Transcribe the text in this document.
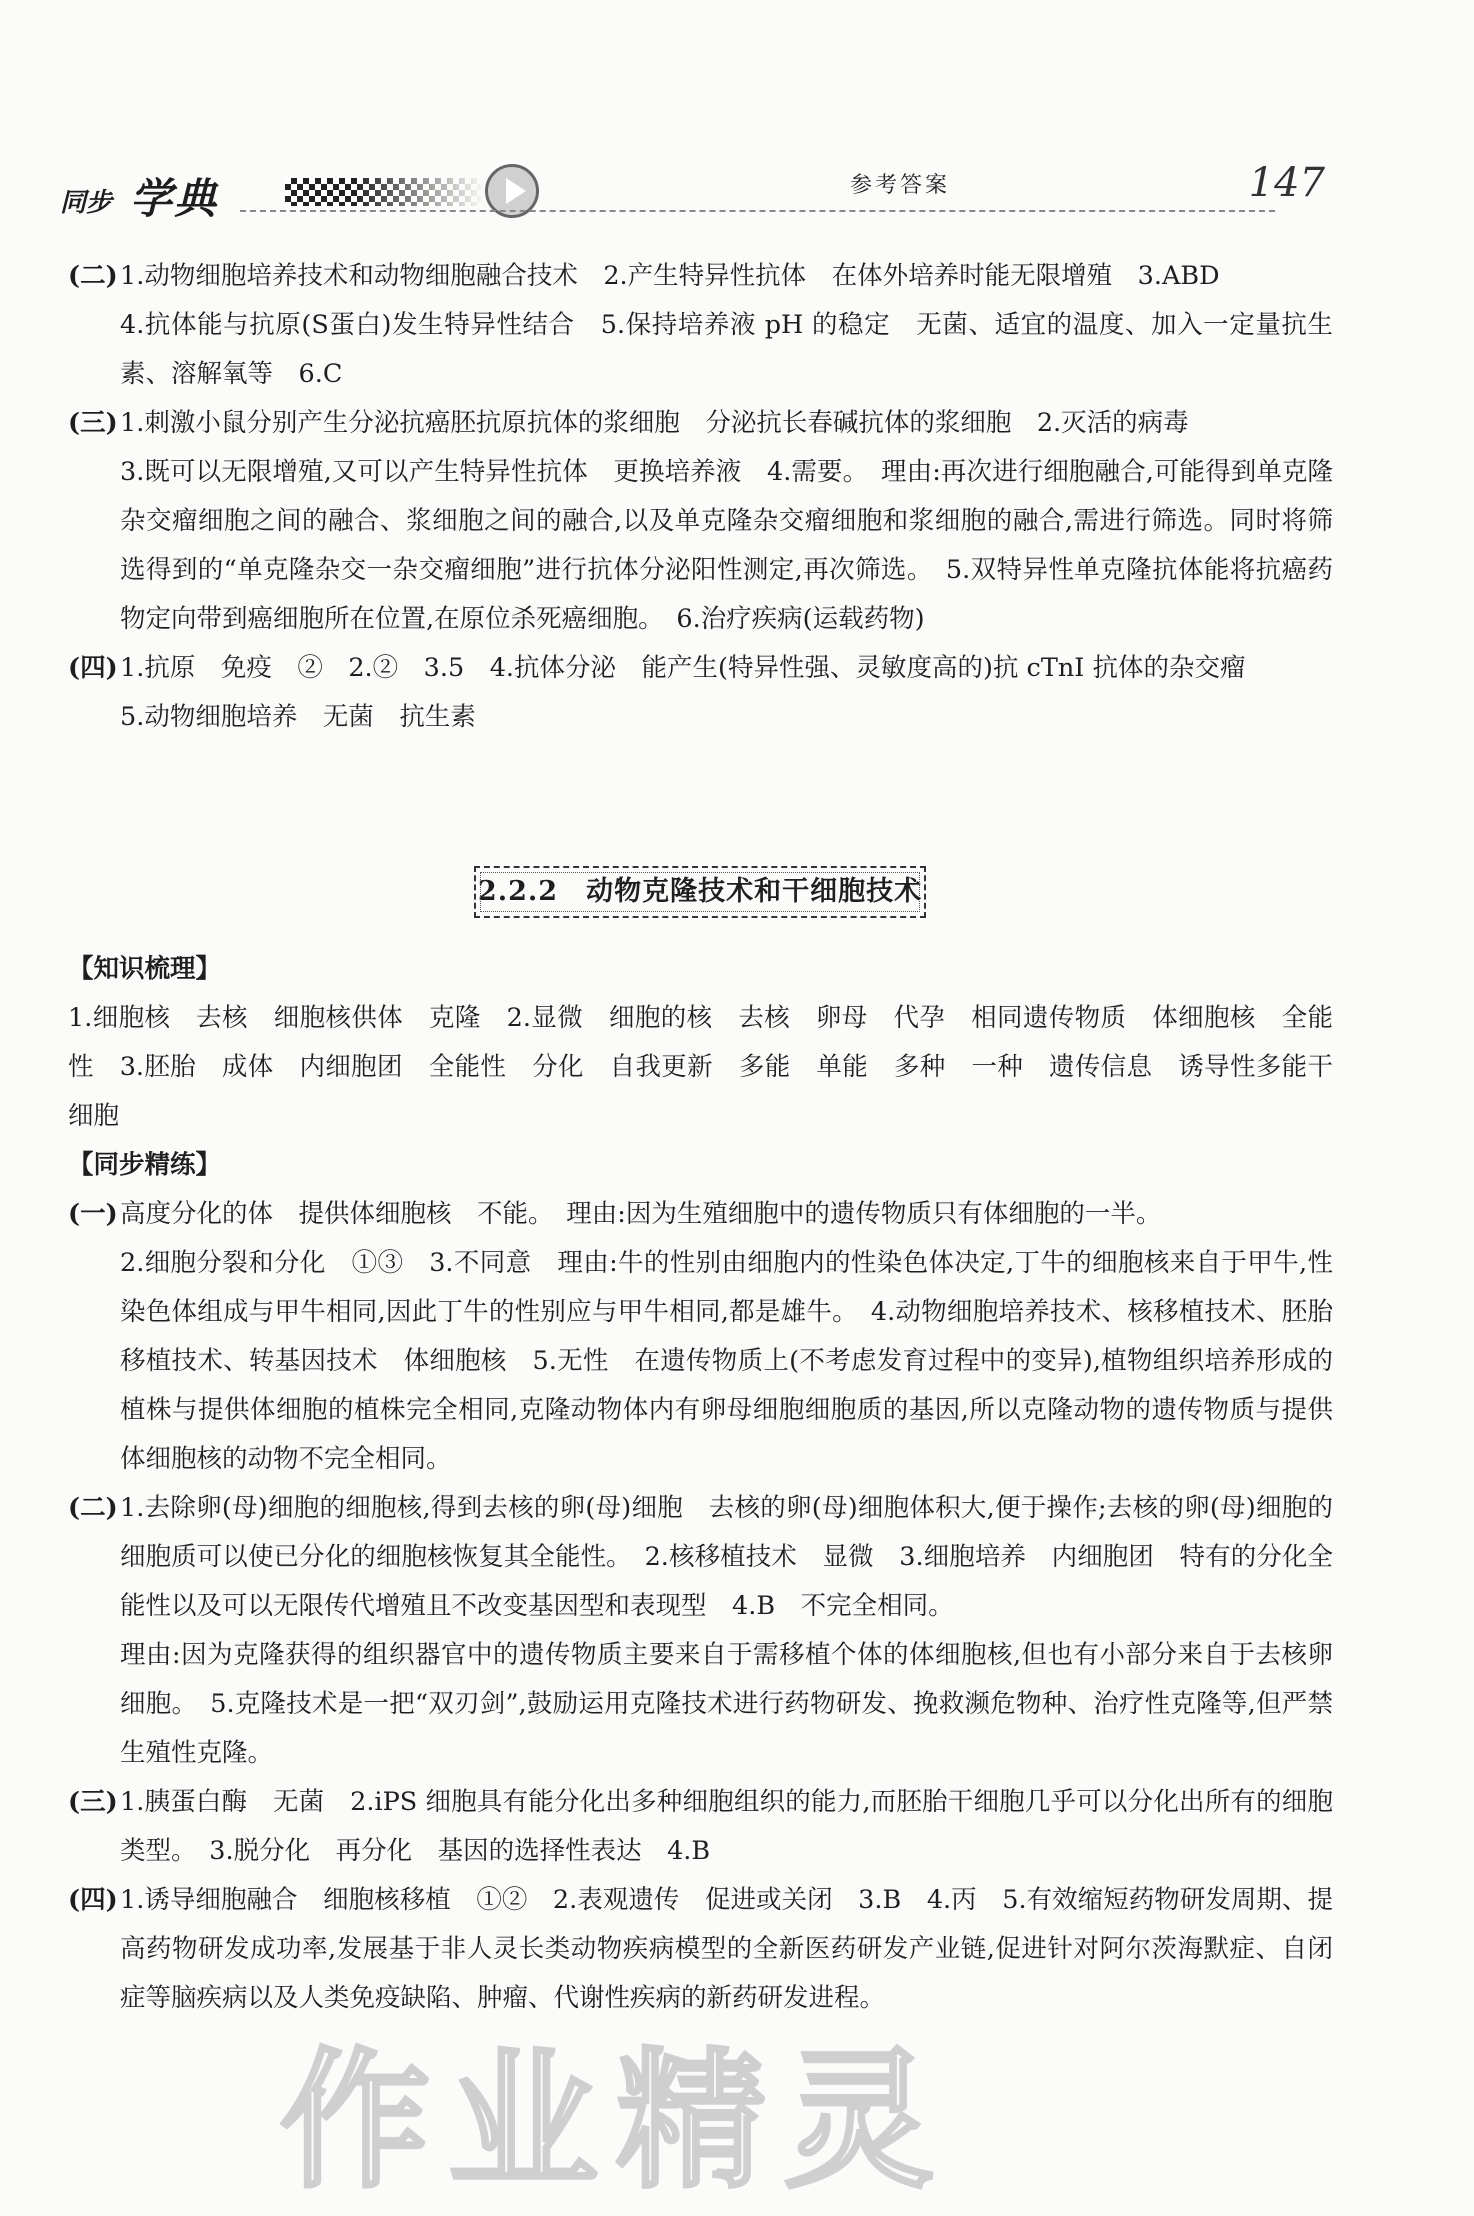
同步 学典	参考答案	147
(二) 1.动物细胞培养技术和动物细胞融合技术　2.产生特异性抗体　在体外培养时能无限增殖　3.ABD
4.抗体能与抗原(S蛋白)发生特异性结合　5.保持培养液 pH 的稳定　无菌、适宜的温度、加入一定量抗生素、溶解氧等　6.C
(三) 1.刺激小鼠分别产生分泌抗癌胚抗原抗体的浆细胞　分泌抗长春碱抗体的浆细胞　2.灭活的病毒
3.既可以无限增殖,又可以产生特异性抗体　更换培养液　4.需要。　理由:再次进行细胞融合,可能得到单克隆杂交瘤细胞之间的融合、浆细胞之间的融合,以及单克隆杂交瘤细胞和浆细胞的融合,需进行筛选。同时将筛选得到的“单克隆杂交一杂交瘤细胞”进行抗体分泌阳性测定,再次筛选。　5.双特异性单克隆抗体能将抗癌药物定向带到癌细胞所在位置,在原位杀死癌细胞。　6.治疗疾病(运载药物)
(四) 1.抗原　免疫　②　2.②　3.5　4.抗体分泌　能产生(特异性强、灵敏度高的)抗 cTnI 抗体的杂交瘤
5.动物细胞培养　无菌　抗生素
2.2.2　动物克隆技术和干细胞技术
【知识梳理】
1.细胞核　去核　细胞核供体　克隆　2.显微　细胞的核　去核　卵母　代孕　相同遗传物质　体细胞核　全能性　3.胚胎　成体　内细胞团　全能性　分化　自我更新　多能　单能　多种　一种　遗传信息　诱导性多能干细胞
【同步精练】
(一) 高度分化的体　提供体细胞核　不能。　理由:因为生殖细胞中的遗传物质只有体细胞的一半。
2.细胞分裂和分化　①③　3.不同意　理由:牛的性别由细胞内的性染色体决定,丁牛的细胞核来自于甲牛,性染色体组成与甲牛相同,因此丁牛的性别应与甲牛相同,都是雄牛。　4.动物细胞培养技术、核移植技术、胚胎移植技术、转基因技术　体细胞核　5.无性　在遗传物质上(不考虑发育过程中的变异),植物组织培养形成的植株与提供体细胞的植株完全相同,克隆动物体内有卵母细胞细胞质的基因,所以克隆动物的遗传物质与提供体细胞核的动物不完全相同。
(二) 1.去除卵(母)细胞的细胞核,得到去核的卵(母)细胞　去核的卵(母)细胞体积大,便于操作;去核的卵(母)细胞的细胞质可以使已分化的细胞核恢复其全能性。　2.核移植技术　显微　3.细胞培养　内细胞团　特有的分化全能性以及可以无限传代增殖且不改变基因型和表现型　4.B　不完全相同。
理由:因为克隆获得的组织器官中的遗传物质主要来自于需移植个体的体细胞核,但也有小部分来自于去核卵细胞。　5.克隆技术是一把“双刃剑”,鼓励运用克隆技术进行药物研发、挽救濒危物种、治疗性克隆等,但严禁生殖性克隆。
(三) 1.胰蛋白酶　无菌　2.iPS 细胞具有能分化出多种细胞组织的能力,而胚胎干细胞几乎可以分化出所有的细胞类型。　3.脱分化　再分化　基因的选择性表达　4.B
(四) 1.诱导细胞融合　细胞核移植　①②　2.表观遗传　促进或关闭　3.B　4.丙　5.有效缩短药物研发周期、提高药物研发成功率,发展基于非人灵长类动物疾病模型的全新医药研发产业链,促进针对阿尔茨海默症、自闭症等脑疾病以及人类免疫缺陷、肿瘤、代谢性疾病的新药研发进程。
作业精灵
